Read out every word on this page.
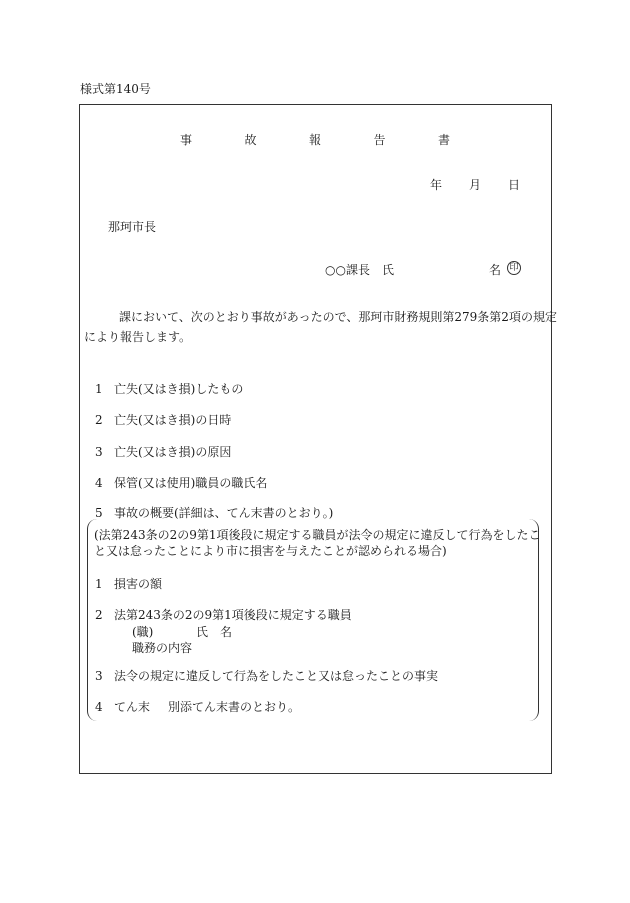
様式第140号
事	故	報	告	書
年 月 日
那珂市長
○○課長　氏	名 印
課において、次のとおり事故があったので、那珂市財務規則第279条第2項の規定
により報告します。
1 亡失(又はき損)したもの
2 亡失(又はき損)の日時
3 亡失(又はき損)の原因
4 保管(又は使用)職員の職氏名
5 事故の概要(詳細は、てん末書のとおり。)
(法第243条の2の9第1項後段に規定する職員が法令の規定に違反して行為をしたこ
と又は怠ったことにより市に損害を与えたことが認められる場合)
1 損害の額
2 法第243条の2の9第1項後段に規定する職員
(職)	氏　名
職務の内容
3 法令の規定に違反して行為をしたこと又は怠ったことの事実
4 てん末 別添てん末書のとおり。
